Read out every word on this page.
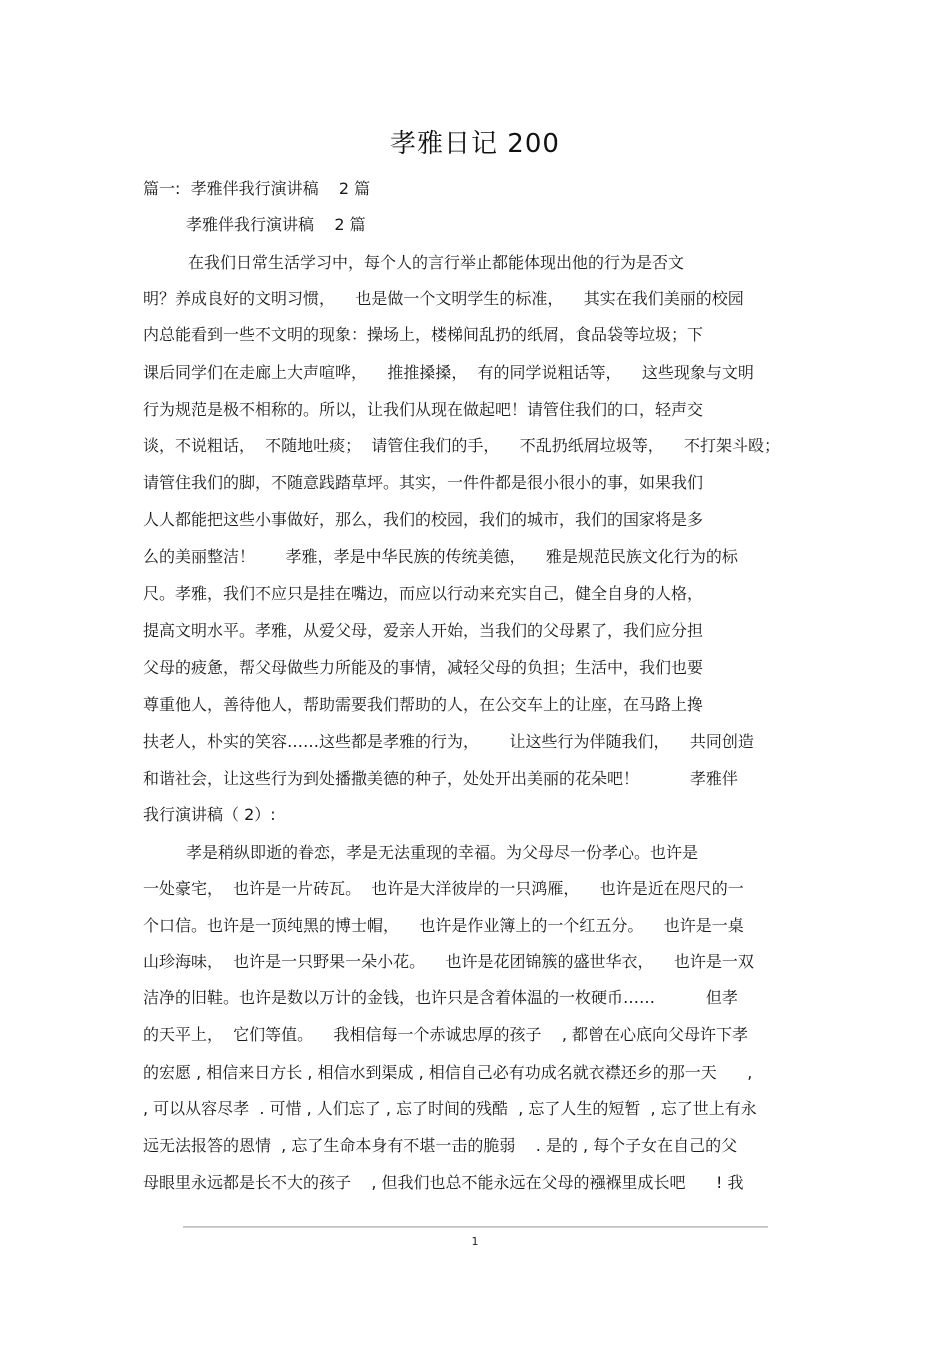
孝雅日记 200
篇一:  孝雅伴我行演讲稿    2 篇
孝雅伴我行演讲稿    2 篇
在我们日常生活学习中，每个人的言行举止都能体现出他的行为是否文
明？养成良好的文明习惯，    也是做一个文明学生的标准，    其实在我们美丽的校园
内总能看到一些不文明的现象：操场上，楼梯间乱扔的纸屑，食品袋等垃圾；下
课后同学们在走廊上大声喧哗，    推推搡搡，  有的同学说粗话等，    这些现象与文明
行为规范是极不相称的。所以，让我们从现在做起吧！请管住我们的口，轻声交
谈，不说粗话，  不随地吐痰；  请管住我们的手，    不乱扔纸屑垃圾等，    不打架斗殴；
请管住我们的脚，不随意践踏草坪。其实，一件件都是很小很小的事，如果我们
人人都能把这些小事做好，那么，我们的校园，我们的城市，我们的国家将是多
么的美丽整洁！      孝雅，孝是中华民族的传统美德，    雅是规范民族文化行为的标
尺。孝雅，我们不应只是挂在嘴边，而应以行动来充实自己，健全自身的人格，
提高文明水平。孝雅，从爱父母，爱亲人开始，当我们的父母累了，我们应分担
父母的疲惫，帮父母做些力所能及的事情，减轻父母的负担；生活中，我们也要
尊重他人，善待他人，帮助需要我们帮助的人，在公交车上的让座，在马路上搀
扶老人，朴实的笑容……这些都是孝雅的行为，      让这些行为伴随我们，    共同创造
和谐社会，让这些行为到处播撒美德的种子，处处开出美丽的花朵吧！          孝雅伴
我行演讲稿（ 2）:
孝是稍纵即逝的眷恋，孝是无法重现的幸福。为父母尽一份孝心。也许是
一处豪宅，  也许是一片砖瓦。  也许是大洋彼岸的一只鸿雁，    也许是近在咫尺的一
个口信。也许是一顶纯黑的博士帽，    也许是作业簿上的一个红五分。    也许是一桌
山珍海味，  也许是一只野果一朵小花。    也许是花团锦簇的盛世华衣，    也许是一双
洁净的旧鞋。也许是数以万计的金钱，也许只是含着体温的一枚硬币……          但孝
的天平上，  它们等值。    我相信每一个赤诚忠厚的孩子    , 都曾在心底向父母许下孝
的宏愿 , 相信来日方长 , 相信水到渠成 , 相信自己必有功成名就衣襟还乡的那一天      ,
, 可以从容尽孝  . 可惜 , 人们忘了 , 忘了时间的残酷  , 忘了人生的短暂  , 忘了世上有永
远无法报答的恩情  , 忘了生命本身有不堪一击的脆弱    . 是的 , 每个子女在自己的父
母眼里永远都是长不大的孩子    , 但我们也总不能永远在父母的襁褓里成长吧      ! 我
1
